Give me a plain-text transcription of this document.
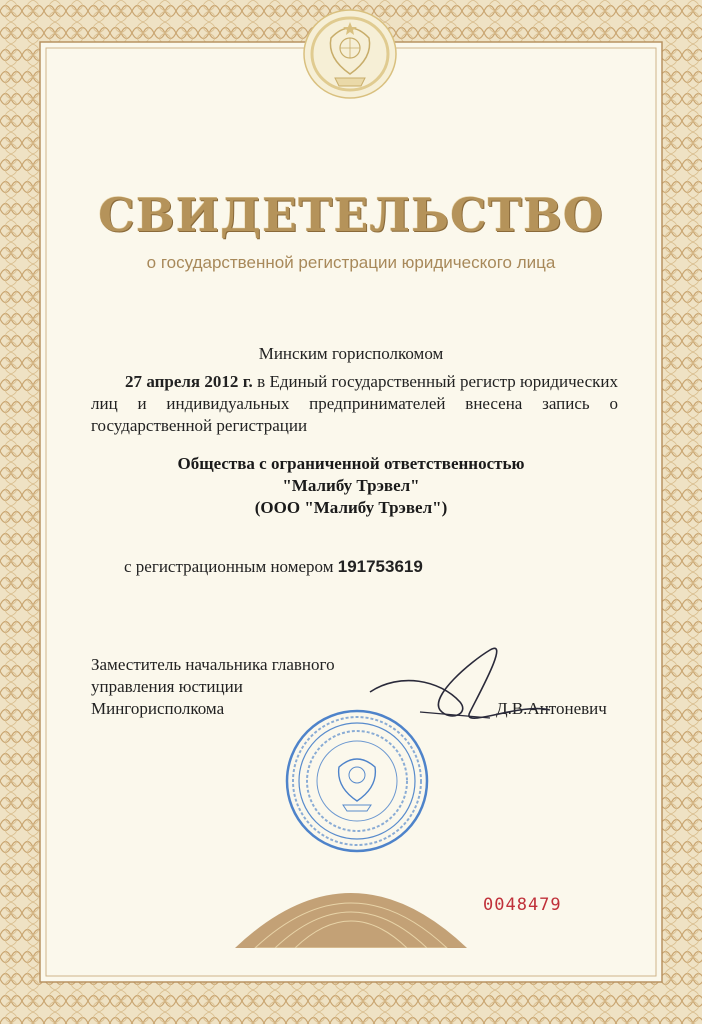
СВИДЕТЕЛЬСТВО
о государственной регистрации юридического лица
Минским горисполкомом
27 апреля 2012 г. в Единый государственный регистр юридических лиц и индивидуальных предпринимателей внесена запись о государственной регистрации
Общества с ограниченной ответственностью
"Малибу Трэвел"
(ООО "Малибу Трэвел")
с регистрационным номером 191753619
Заместитель начальника главного
управления юстиции
Мингорисполкома	Д.В.Антоневич
0048479
